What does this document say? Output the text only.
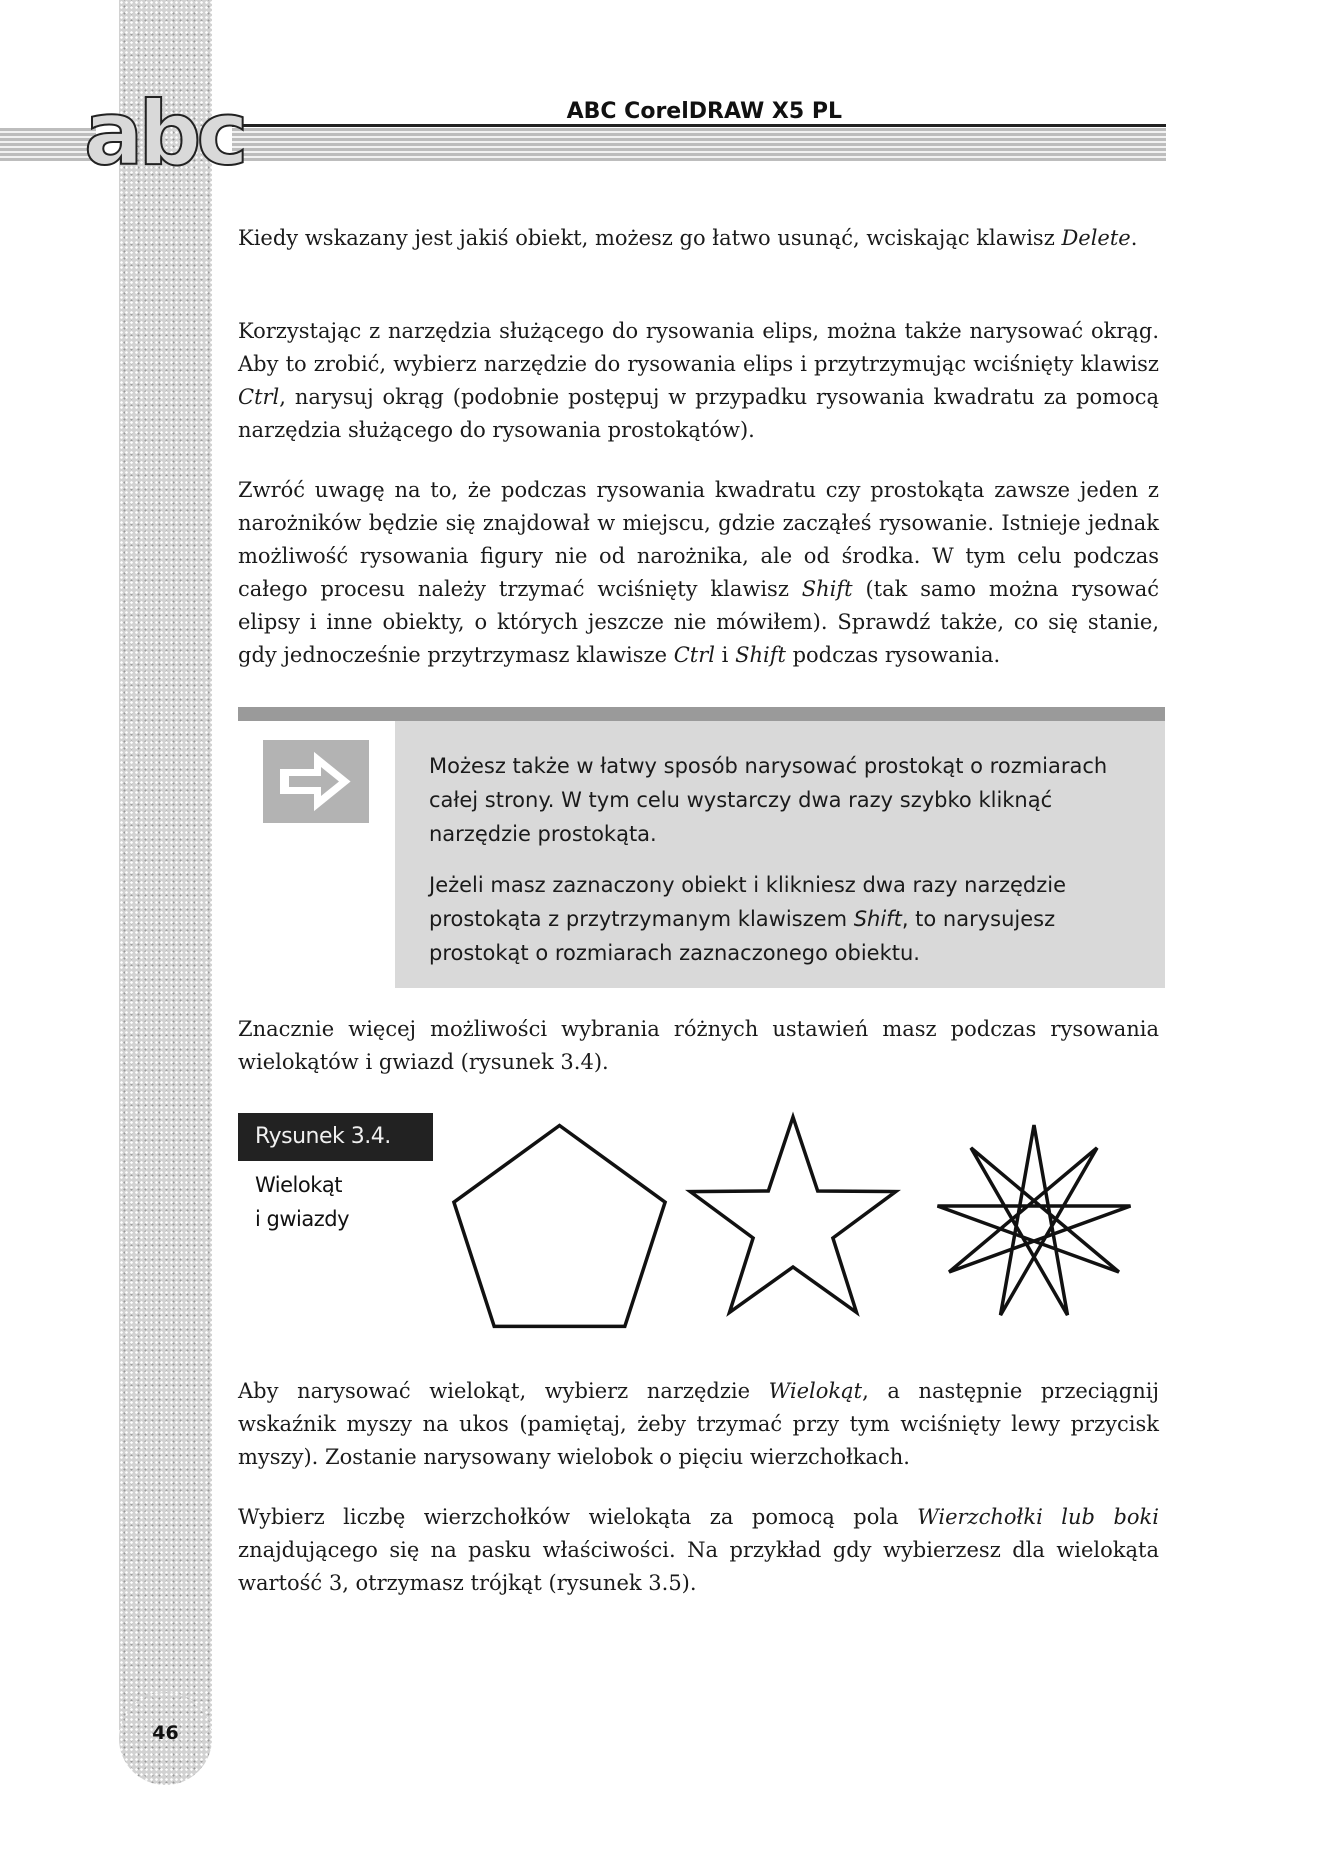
46
abc	ABC CorelDRAW X5 PL

Kiedy wskazany jest jakiś obiekt, możesz go łatwo usunąć, wciskając klawisz Delete.

Korzystając z narzędzia służącego do rysowania elips, można także narysować okrąg. Aby to zrobić, wybierz narzędzie do rysowania elips i przytrzymując wciśnięty klawisz Ctrl, narysuj okrąg (podobnie postępuj w przypadku rysowania kwadratu za pomocą narzędzia służącego do rysowania prostokątów).

Zwróć uwagę na to, że podczas rysowania kwadratu czy prostokąta zawsze jeden z narożników będzie się znajdował w miejscu, gdzie zacząłeś rysowanie. Istnieje jednak możliwość rysowania figury nie od narożnika, ale od środka. W tym celu podczas całego procesu należy trzymać wciśnięty klawisz Shift (tak samo można rysować elipsy i inne obiekty, o których jeszcze nie mówiłem). Sprawdź także, co się stanie, gdy jednocześnie przytrzymasz klawisze Ctrl i Shift podczas rysowania.

Możesz także w łatwy sposób narysować prostokąt o rozmiarach całej strony. W tym celu wystarczy dwa razy szybko kliknąć narzędzie prostokąta.

Jeżeli masz zaznaczony obiekt i klikniesz dwa razy narzędzie prostokąta z przytrzymanym klawiszem Shift, to narysujesz prostokąt o rozmiarach zaznaczonego obiektu.

Znacznie więcej możliwości wybrania różnych ustawień masz podczas rysowania wielokątów i gwiazd (rysunek 3.4).

Rysunek 3.4.
Wielokąt
i gwiazdy

Aby narysować wielokąt, wybierz narzędzie Wielokąt, a następnie przeciągnij wskaźnik myszy na ukos (pamiętaj, żeby trzymać przy tym wciśnięty lewy przycisk myszy). Zostanie narysowany wielobok o pięciu wierzchołkach.

Wybierz liczbę wierzchołków wielokąta za pomocą pola Wierzchołki lub boki znajdującego się na pasku właściwości. Na przykład gdy wybierzesz dla wielokąta wartość 3, otrzymasz trójkąt (rysunek 3.5).
